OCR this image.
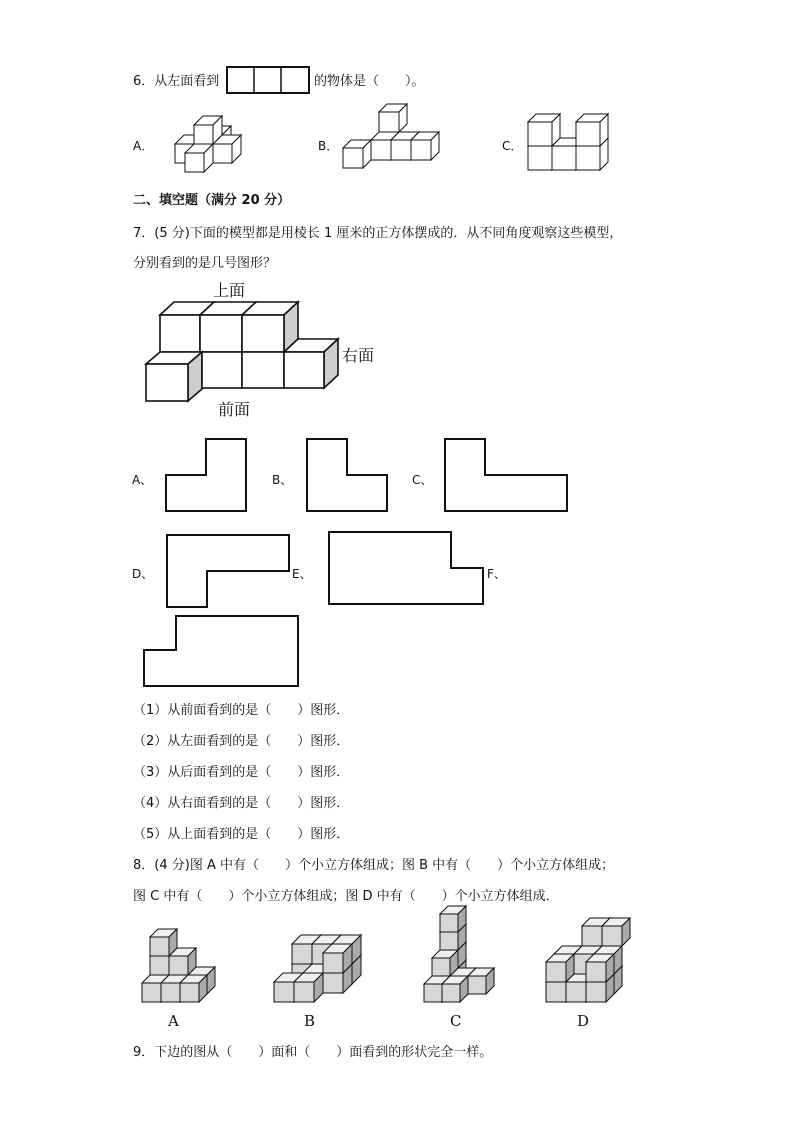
6．从左面看到	的物体是（　　）。
A．	B．	C．
二、填空题（满分 20 分）
7．(5 分)下面的模型都是用棱长 1 厘米的正方体摆成的．从不同角度观察这些模型，
分别看到的是几号图形？
上面
右面
前面
A、	B、	C、
D、	E、	F、
（1）从前面看到的是（　　）图形．
（2）从左面看到的是（　　）图形．
（3）从后面看到的是（　　）图形．
（4）从右面看到的是（　　）图形．
（5）从上面看到的是（　　）图形．
8．(4 分)图 A 中有（　　）个小立方体组成；图 B 中有（　　）个小立方体组成；
图 C 中有（　　）个小立方体组成；图 D 中有（　　）个小立方体组成．
A	B	C	D
9．下边的图从（　　）面和（　　）面看到的形状完全一样。
